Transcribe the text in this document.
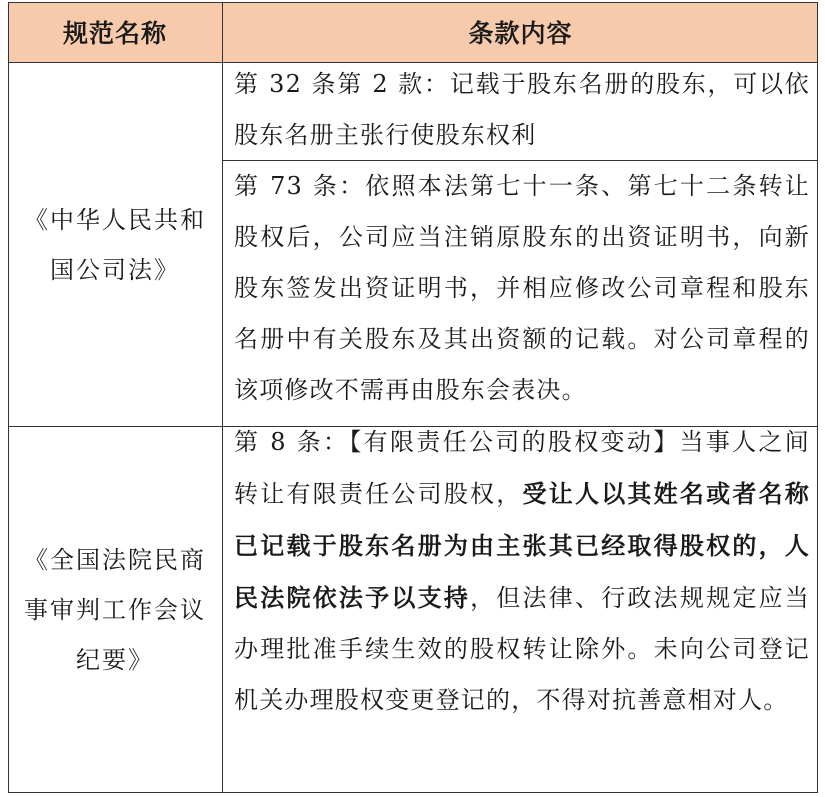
规范名称	条款内容
《中华人民共和国公司法》
《全国法院民商事审判工作会议纪要》
第 32 条第 2 款：记载于股东名册的股东，可以依股东名册主张行使股东权利
第 73 条：依照本法第七十一条、第七十二条转让股权后，公司应当注销原股东的出资证明书，向新股东签发出资证明书，并相应修改公司章程和股东名册中有关股东及其出资额的记载。对公司章程的该项修改不需再由股东会表决。
第 8 条：【有限责任公司的股权变动】当事人之间转让有限责任公司股权，受让人以其姓名或者名称已记载于股东名册为由主张其已经取得股权的，人民法院依法予以支持，但法律、行政法规规定应当办理批准手续生效的股权转让除外。未向公司登记机关办理股权变更登记的，不得对抗善意相对人。
